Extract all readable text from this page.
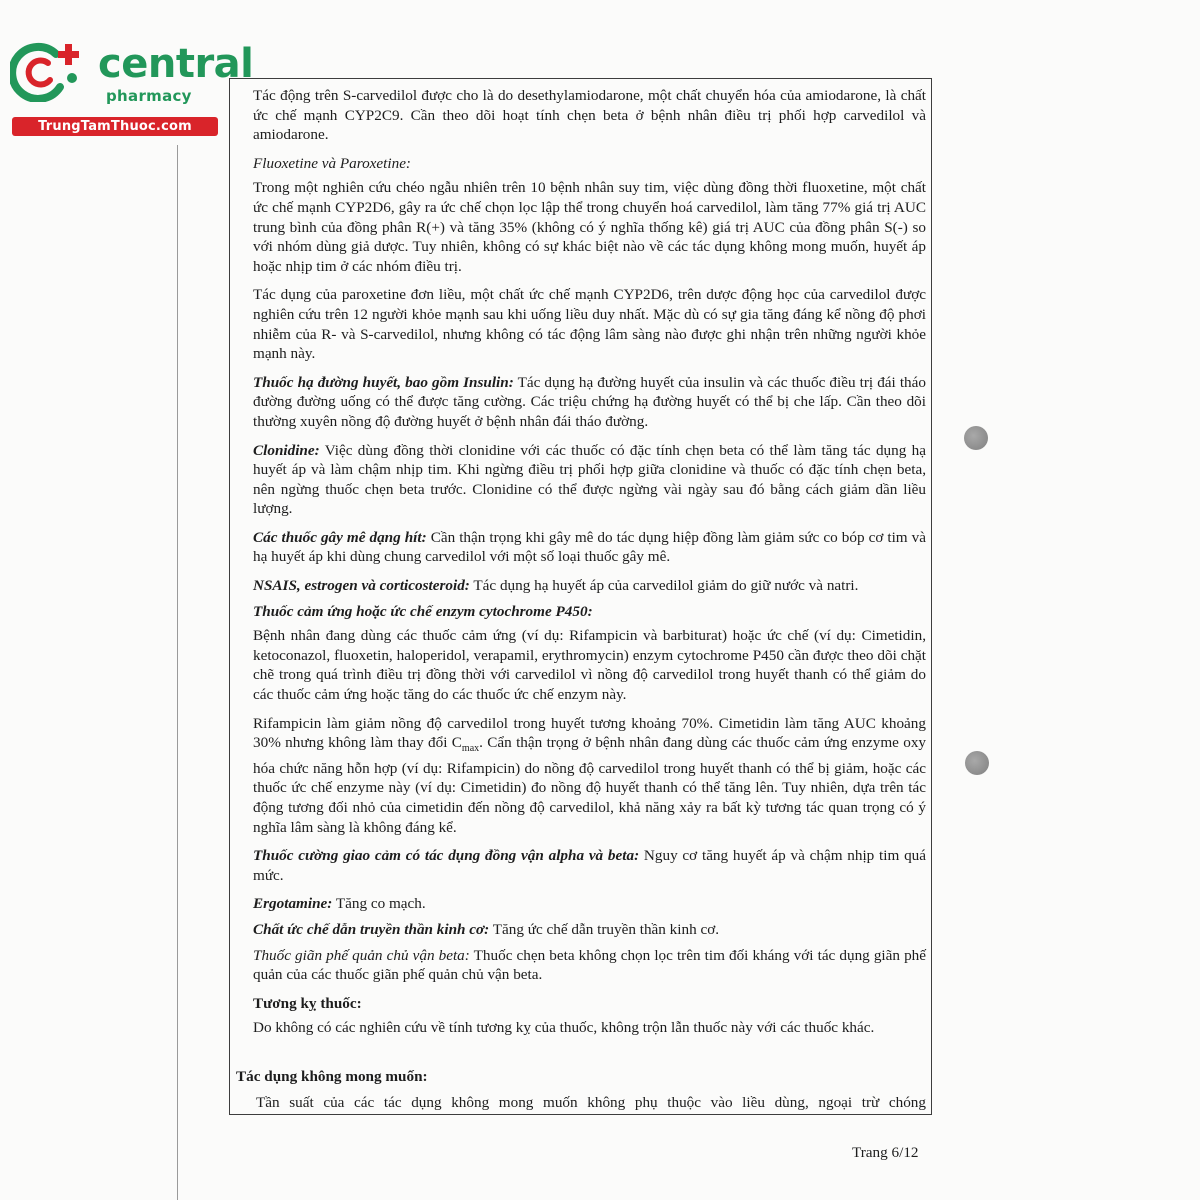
central
pharmacy
TrungTamThuoc.com

Tác động trên S-carvedilol được cho là do desethylamiodarone, một chất chuyển hóa của amiodarone, là chất ức chế mạnh CYP2C9. Cần theo dõi hoạt tính chẹn beta ở bệnh nhân điều trị phối hợp carvedilol và amiodarone.

Fluoxetine và Paroxetine:

Trong một nghiên cứu chéo ngẫu nhiên trên 10 bệnh nhân suy tim, việc dùng đồng thời fluoxetine, một chất ức chế mạnh CYP2D6, gây ra ức chế chọn lọc lập thể trong chuyển hoá carvedilol, làm tăng 77% giá trị AUC trung bình của đồng phân R(+) và tăng 35% (không có ý nghĩa thống kê) giá trị AUC của đồng phân S(-) so với nhóm dùng giả dược. Tuy nhiên, không có sự khác biệt nào về các tác dụng không mong muốn, huyết áp hoặc nhịp tim ở các nhóm điều trị.

Tác dụng của paroxetine đơn liều, một chất ức chế mạnh CYP2D6, trên dược động học của carvedilol được nghiên cứu trên 12 người khỏe mạnh sau khi uống liều duy nhất. Mặc dù có sự gia tăng đáng kể nồng độ phơi nhiễm của R- và S-carvedilol, nhưng không có tác động lâm sàng nào được ghi nhận trên những người khỏe mạnh này.

Thuốc hạ đường huyết, bao gồm Insulin: Tác dụng hạ đường huyết của insulin và các thuốc điều trị đái tháo đường đường uống có thể được tăng cường. Các triệu chứng hạ đường huyết có thể bị che lấp. Cần theo dõi thường xuyên nồng độ đường huyết ở bệnh nhân đái tháo đường.

Clonidine: Việc dùng đồng thời clonidine với các thuốc có đặc tính chẹn beta có thể làm tăng tác dụng hạ huyết áp và làm chậm nhịp tim. Khi ngừng điều trị phối hợp giữa clonidine và thuốc có đặc tính chẹn beta, nên ngừng thuốc chẹn beta trước. Clonidine có thể được ngừng vài ngày sau đó bằng cách giảm dần liều lượng.

Các thuốc gây mê dạng hít: Cần thận trọng khi gây mê do tác dụng hiệp đồng làm giảm sức co bóp cơ tim và hạ huyết áp khi dùng chung carvedilol với một số loại thuốc gây mê.

NSAIS, estrogen và corticosteroid: Tác dụng hạ huyết áp của carvedilol giảm do giữ nước và natri.

Thuốc cảm ứng hoặc ức chế enzym cytochrome P450:

Bệnh nhân đang dùng các thuốc cảm ứng (ví dụ: Rifampicin và barbiturat) hoặc ức chế (ví dụ: Cimetidin, ketoconazol, fluoxetin, haloperidol, verapamil, erythromycin) enzym cytochrome P450 cần được theo dõi chặt chẽ trong quá trình điều trị đồng thời với carvedilol vì nồng độ carvedilol trong huyết thanh có thể giảm do các thuốc cảm ứng hoặc tăng do các thuốc ức chế enzym này.

Rifampicin làm giảm nồng độ carvedilol trong huyết tương khoảng 70%. Cimetidin làm tăng AUC khoảng 30% nhưng không làm thay đổi $C_{max}$. Cẩn thận trọng ở bệnh nhân đang dùng các thuốc cảm ứng enzyme oxy hóa chức năng hỗn hợp (ví dụ: Rifampicin) do nồng độ carvedilol trong huyết thanh có thể bị giảm, hoặc các thuốc ức chế enzyme này (ví dụ: Cimetidin) đo nồng độ huyết thanh có thể tăng lên. Tuy nhiên, dựa trên tác động tương đối nhỏ của cimetidin đến nồng độ carvedilol, khả năng xảy ra bất kỳ tương tác quan trọng có ý nghĩa lâm sàng là không đáng kể.

Thuốc cường giao cảm có tác dụng đồng vận alpha và beta: Nguy cơ tăng huyết áp và chậm nhịp tim quá mức.

Ergotamine: Tăng co mạch.

Chất ức chế dẫn truyền thần kinh cơ: Tăng ức chế dẫn truyền thần kinh cơ.

Thuốc giãn phế quản chủ vận beta: Thuốc chẹn beta không chọn lọc trên tim đối kháng với tác dụng giãn phế quản của các thuốc giãn phế quản chủ vận beta.

Tương kỵ thuốc:

Do không có các nghiên cứu về tính tương kỵ của thuốc, không trộn lẫn thuốc này với các thuốc khác.

Tác dụng không mong muốn:

Tần suất của các tác dụng không mong muốn không phụ thuộc vào liều dùng, ngoại trừ chóng

Trang 6/12
